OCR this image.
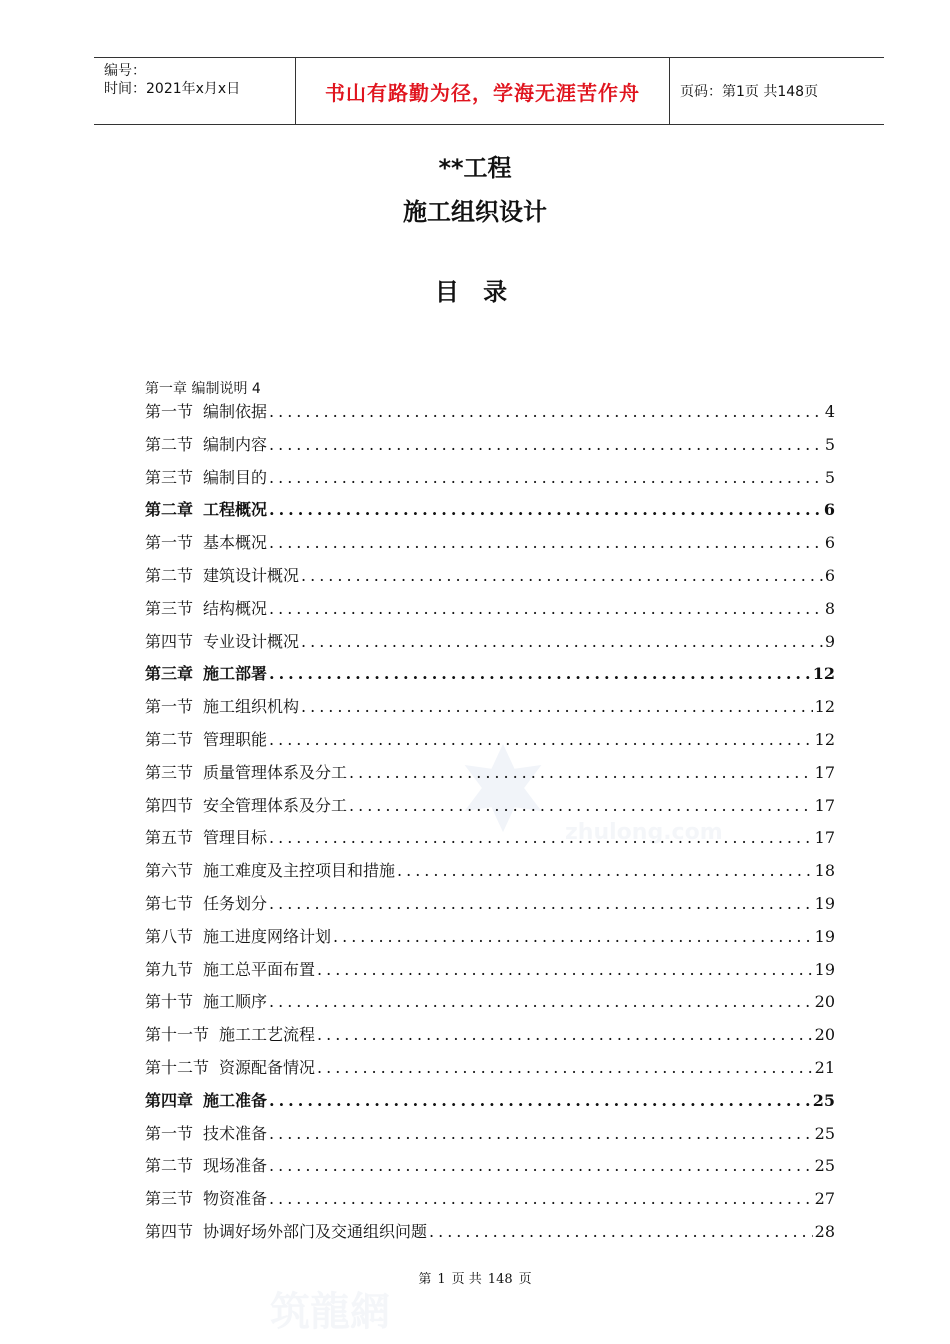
编号：
时间：2021年x月x日	书山有路勤为径，学海无涯苦作舟	页码：第1页 共148页
zhulong.com
筑龍網
**工程
施工组织设计
目 录
第一章 编制说明 4
第一节 编制依据 .....	4
第二节 编制内容 .....	5
第三节 编制目的 .....	5
第二章 工程概况 .....	6
第一节 基本概况 .....	6
第二节 建筑设计概况 .....	6
第三节 结构概况 .....	8
第四节 专业设计概况 .....	9
第三章 施工部署 .....	12
第一节 施工组织机构 .....	12
第二节 管理职能 .....	12
第三节 质量管理体系及分工 .....	17
第四节 安全管理体系及分工 .....	17
第五节 管理目标 .....	17
第六节 施工难度及主控项目和措施 .....	18
第七节 任务划分 .....	19
第八节 施工进度网络计划 .....	19
第九节 施工总平面布置 .....	19
第十节 施工顺序 .....	20
第十一节 施工工艺流程 .....	20
第十二节 资源配备情况 .....	21
第四章 施工准备 .....	25
第一节 技术准备 .....	25
第二节 现场准备 .....	25
第三节 物资准备 .....	27
第四节 协调好场外部门及交通组织问题 .....	28
第 1 页 共 148 页
